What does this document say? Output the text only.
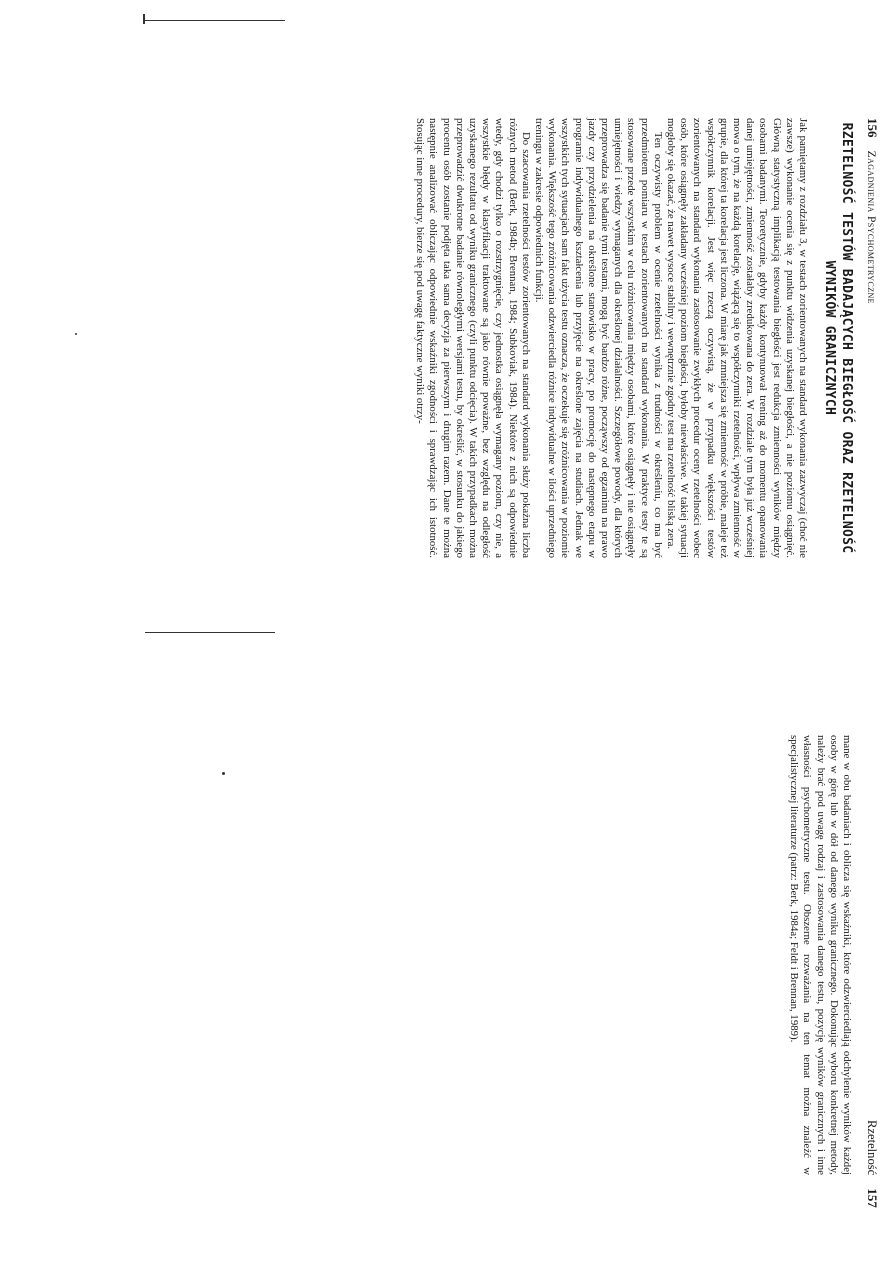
156 Zagadnienia Psychometryczne
RZETELNOŚĆ TESTÓW BADAJĄCYCH BIEGŁOŚĆ ORAZ RZETELNOŚĆ
WYNIKÓW GRANICZNYCH

Jak pamiętamy z rozdziału 3, w testach zorientowanych na standard wykonania zazwyczaj (choć nie zawsze) wykonanie ocenia się z punktu widzenia uzyskanej biegłości, a nie poziomu osiągnięć. Główną statystyczną implikacją testowania biegłości jest redukcja zmienności wyników między osobami badanymi. Teoretycznie, gdyby każdy kontynuował trening aż do momentu opanowania danej umiejętności, zmienność zostałaby zredukowana do zera. W rozdziale tym była już wcześniej mowa o tym, że na każdą korelację, wiążącą się to współczynniki rzetelności, wpływa zmienność w grupie, dla której ta korelacja jest liczona. W miarę jak zmniejsza się zmienność w próbie, maleje też współczynnik korelacji. Jest więc rzeczą oczywistą, że w przypadku większości testów zorientowanych na standard wykonania zastosowanie zwykłych procedur oceny rzetelności wobec osób, które osiągnęły zakładany wcześniej poziom biegłości, byłoby niewłaściwe. W takiej sytuacji mogłoby się okazać, że nawet wysoce stabilny i wewnętrznie zgodny test ma rzetelność bliską zera.

Ten oczywisty problem w ocenie rzetelności wynika z trudności w określeniu, co ma być przedmiotem pomiaru w testach zorientowanych na standard wykonania. W praktyce testy te są stosowane przede wszystkim w celu różnicowania między osobami, które osiągnęły i nie osiągnęły umiejętności i wiedzy wymaganych dla określonej działalności. Szczegółowe powody, dla których przeprowadza się badanie tymi testami, mogą być bardzo różne, począwszy od egzaminu na prawo jazdy czy przydzielenia na określone stanowisko w pracy, po promocję do następnego etapu w programie indywidualnego kształcenia lub przyjęcie na określone zajęcia na studiach. Jednak we wszystkich tych sytuacjach sam fakt użycia testu oznacza, że oczekuje się zróżnicowania w poziomie wykonania. Większość tego zróżnicowania odzwierciedla różnice indywidualne w ilości uprzedniego treningu w zakresie odpowiednich funkcji.

Do szacowania rzetelności testów zorientowanych na standard wykonania służy pokaźna liczba różnych metod (Berk, 1984b; Brennan, 1984; Subkoviak, 1984). Niektóre z nich są odpowiednie wtedy, gdy chodzi tylko o rozstrzygnięcie, czy jednostka osiągnęła wymagany poziom, czy nie, a wszystkie błędy w klasyfikacji traktowane są jako równie poważne, bez względu na odległość uzyskanego rezultatu od wyniku granicznego (czyli punktu odcięcia). W takich przypadkach można przeprowadzić dwukrotne badanie równoległymi wersjami testu, by określić, w stosunku do jakiego procentu osób zostanie podjęta taka sama decyzja za pierwszym i drugim razem. Dane te można następnie analizować obliczając odpowiednie wskaźniki zgodności i sprawdzając ich istotność. Stosując inne procedury, bierze się pod uwagę faktyczne wyniki otrzy-

Rzetelność 157

mane w obu badaniach i oblicza się wskaźniki, które odzwierciedlają odchylenie wyników każdej osoby w górę lub w dół od danego wyniku granicznego. Dokonując wyboru konkretnej metody, należy brać pod uwagę rodzaj i zastosowania danego testu, pozycję wyników granicznych i inne własności psychometryczne testu. Obszerne rozważania na ten temat można znaleźć w specjalistycznej literaturze (patrz: Berk, 1984a; Feldt i Brennan, 1989).
